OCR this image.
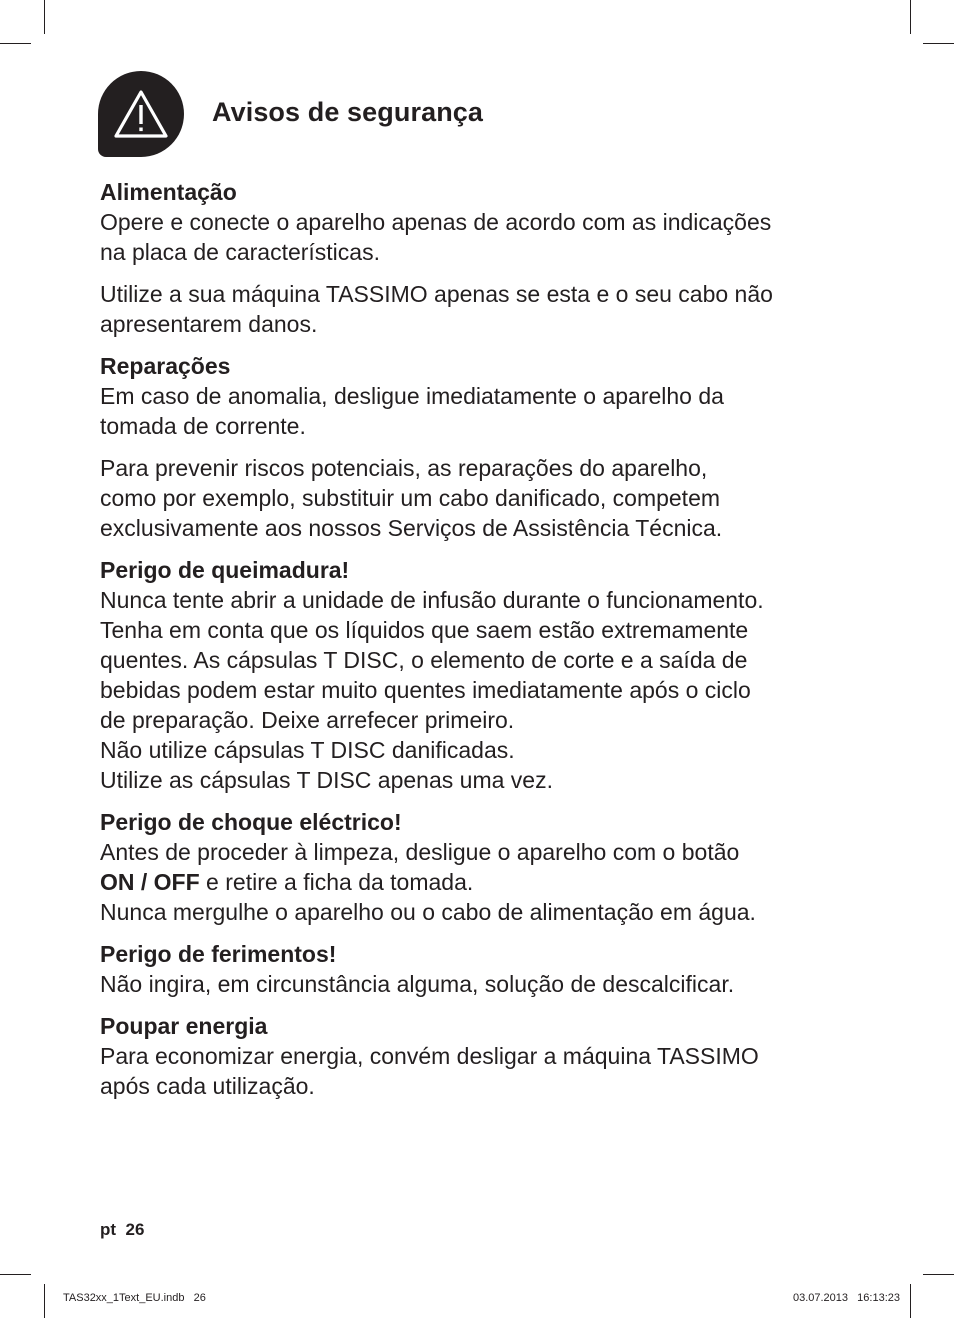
Avisos de segurança
Alimentação
Opere e conecte o aparelho apenas de acordo com as indicações
na placa de características.
Utilize a sua máquina TASSIMO apenas se esta e o seu cabo não
apresentarem danos.
Reparações
Em caso de anomalia, desligue imediatamente o aparelho da
tomada de corrente.
Para prevenir riscos potenciais, as reparações do aparelho,
como por exemplo, substituir um cabo danificado, competem
exclusivamente aos nossos Serviços de Assistência Técnica.
Perigo de queimadura!
Nunca tente abrir a unidade de infusão durante o funcionamento.
Tenha em conta que os líquidos que saem estão extremamente
quentes. As cápsulas T DISC, o elemento de corte e a saída de
bebidas podem estar muito quentes imediatamente após o ciclo
de preparação. Deixe arrefecer primeiro.
Não utilize cápsulas T DISC danificadas.
Utilize as cápsulas T DISC apenas uma vez.
Perigo de choque eléctrico!
Antes de proceder à limpeza, desligue o aparelho com o botão
ON / OFF e retire a ficha da tomada.
Nunca mergulhe o aparelho ou o cabo de alimentação em água.
Perigo de ferimentos!
Não ingira, em circunstância alguma, solução de descalcificar.
Poupar energia
Para economizar energia, convém desligar a máquina TASSIMO
após cada utilização.
pt  26
TAS32xx_1Text_EU.indb   26	03.07.2013   16:13:23
